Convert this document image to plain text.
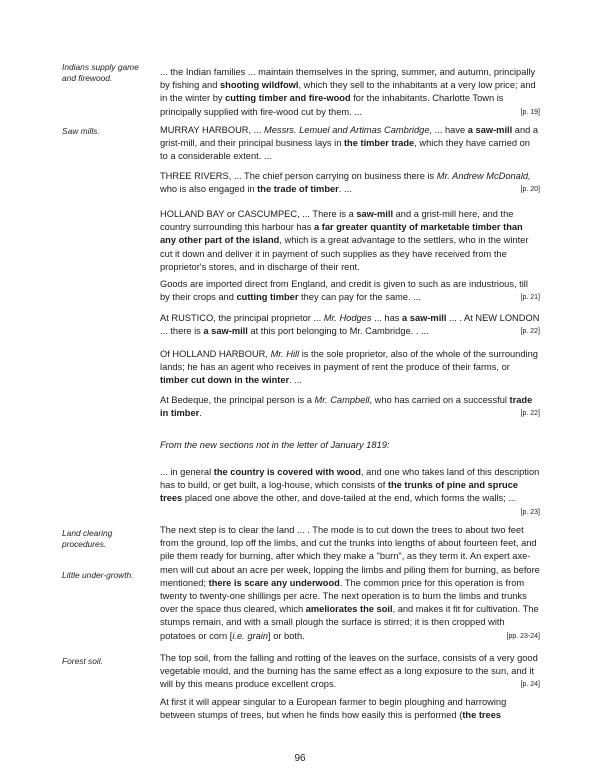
Indians supply game and firewood.
Saw mills.
Land clearing procedures.
Little under-growth.
Forest soil.
... the Indian families ... maintain themselves in the spring, summer, and autumn, principally by fishing and shooting wildfowl, which they sell to the inhabitants at a very low price; and in the winter by cutting timber and fire-wood for the inhabitants. Charlotte Town is principally supplied with fire-wood cut by them. ...	[p. 19]
MURRAY HARBOUR, ... Messrs. Lemuel and Artimas Cambridge, ... have a saw-mill and a grist-mill, and their principal business lays in the timber trade, which they have carried on to a considerable extent. ...
THREE RIVERS, ... The chief person carrying on business there is Mr. Andrew McDonald, who is also engaged in the trade of timber. ...	[p. 20]
HOLLAND BAY or CASCUMPEC, ... There is a saw-mill and a grist-mill here, and the country surrounding this harbour has a far greater quantity of marketable timber than any other part of the island, which is a great advantage to the settlers, who in the winter cut it down and deliver it in payment of such supplies as they have received from the proprietor's stores, and in discharge of their rent.
Goods are imported direct from England, and credit is given to such as are industrious, till by their crops and cutting timber they can pay for the same. ...	[p. 21]
At RUSTICO, the principal proprietor ... Mr. Hodges ... has a saw-mill ... . At NEW LONDON ... there is a saw-mill at this port belonging to Mr. Cambridge. . ...	[p. 22]
Of HOLLAND HARBOUR, Mr. Hill is the sole proprietor, also of the whole of the surrounding lands; he has an agent who receives in payment of rent the produce of their farms, or timber cut down in the winter. ...
At Bedeque, the principal person is a Mr. Campbell, who has carried on a successful trade in timber.	[p. 22]
From the new sections not in the letter of January 1819:
... in general the country is covered with wood, and one who takes land of this description has to build, or get built, a log-house, which consists of the trunks of pine and spruce trees placed one above the other, and dove-tailed at the end, which forms the walls; ...
[p. 23]
The next step is to clear the land ... . The mode is to cut down the trees to about two feet from the ground, lop off the limbs, and cut the trunks into lengths of about fourteen feet, and pile them ready for burning, after which they make a "burn", as they term it. An expert axe-men will cut about an acre per week, lopping the limbs and piling them for burning, as before mentioned; there is scare any underwood. The common price for this operation is from twenty to twenty-one shillings per acre. The next operation is to burn the limbs and trunks over the space thus cleared, which ameliorates the soil, and makes it fit for cultivation. The stumps remain, and with a small plough the surface is stirred; it is then cropped with potatoes or corn [i.e. grain] or both.	[pp. 23-24]
The top soil, from the falling and rotting of the leaves on the surface, consists of a very good vegetable mould, and the burning has the same effect as a long exposure to the sun, and it will by this means produce excellent crops.	[p. 24]
At first it will appear singular to a European farmer to begin ploughing and harrowing between stumps of trees, but when he finds how easily this is performed (the trees
96
